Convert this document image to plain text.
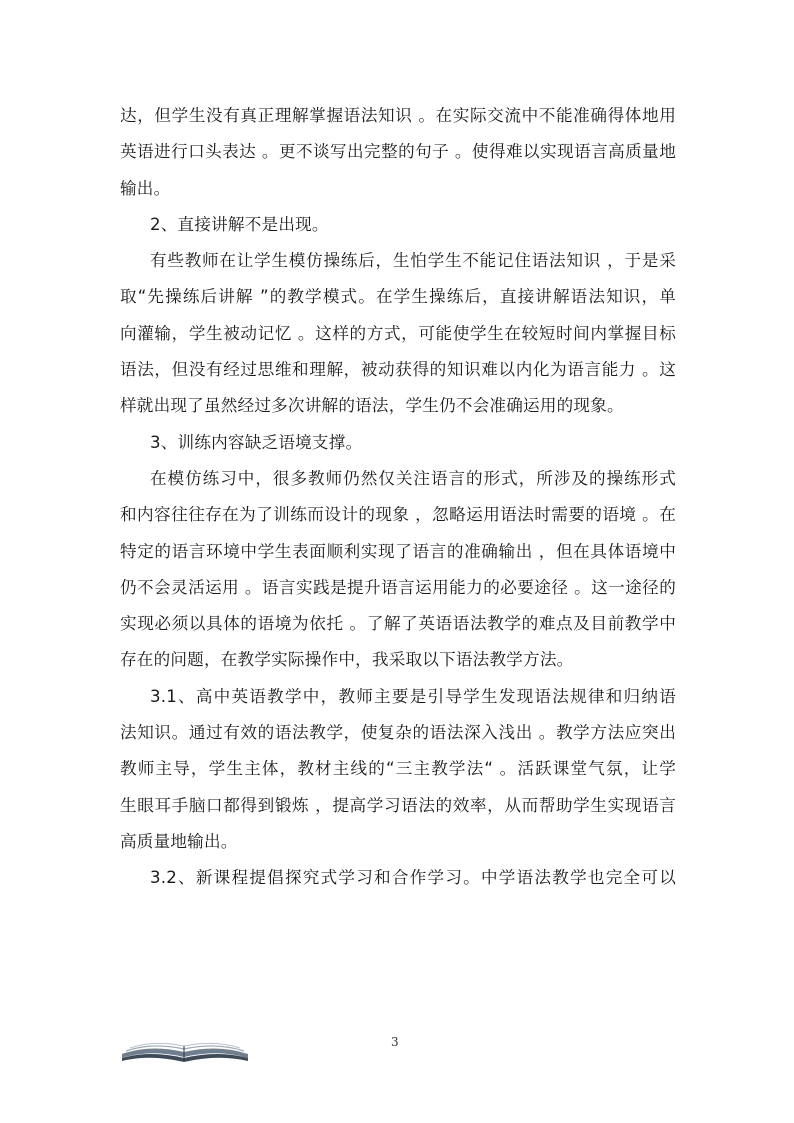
达，但学生没有真正理解掌握语法知识 。在实际交流中不能准确得体地用
英语进行口头表达 。更不谈写出完整的句子 。使得难以实现语言高质量地
输出。
2、直接讲解不是出现。
有些教师在让学生模仿操练后，生怕学生不能记住语法知识 ，于是采
取“先操练后讲解 ”的教学模式。在学生操练后，直接讲解语法知识，单
向灌输，学生被动记忆 。这样的方式，可能使学生在较短时间内掌握目标
语法，但没有经过思维和理解，被动获得的知识难以内化为语言能力 。这
样就出现了虽然经过多次讲解的语法，学生仍不会准确运用的现象。
3、训练内容缺乏语境支撑。
在模仿练习中，很多教师仍然仅关注语言的形式，所涉及的操练形式
和内容往往存在为了训练而设计的现象 ，忽略运用语法时需要的语境 。在
特定的语言环境中学生表面顺利实现了语言的准确输出 ，但在具体语境中
仍不会灵活运用 。语言实践是提升语言运用能力的必要途径 。这一途径的
实现必须以具体的语境为依托 。了解了英语语法教学的难点及目前教学中
存在的问题，在教学实际操作中，我采取以下语法教学方法。
3.1、高中英语教学中，教师主要是引导学生发现语法规律和归纳语
法知识。通过有效的语法教学，使复杂的语法深入浅出 。教学方法应突出
教师主导，学生主体，教材主线的“三主教学法“ 。活跃课堂气氛，让学
生眼耳手脑口都得到锻炼 ，提高学习语法的效率，从而帮助学生实现语言
高质量地输出。
3.2、新课程提倡探究式学习和合作学习。中学语法教学也完全可以
3
